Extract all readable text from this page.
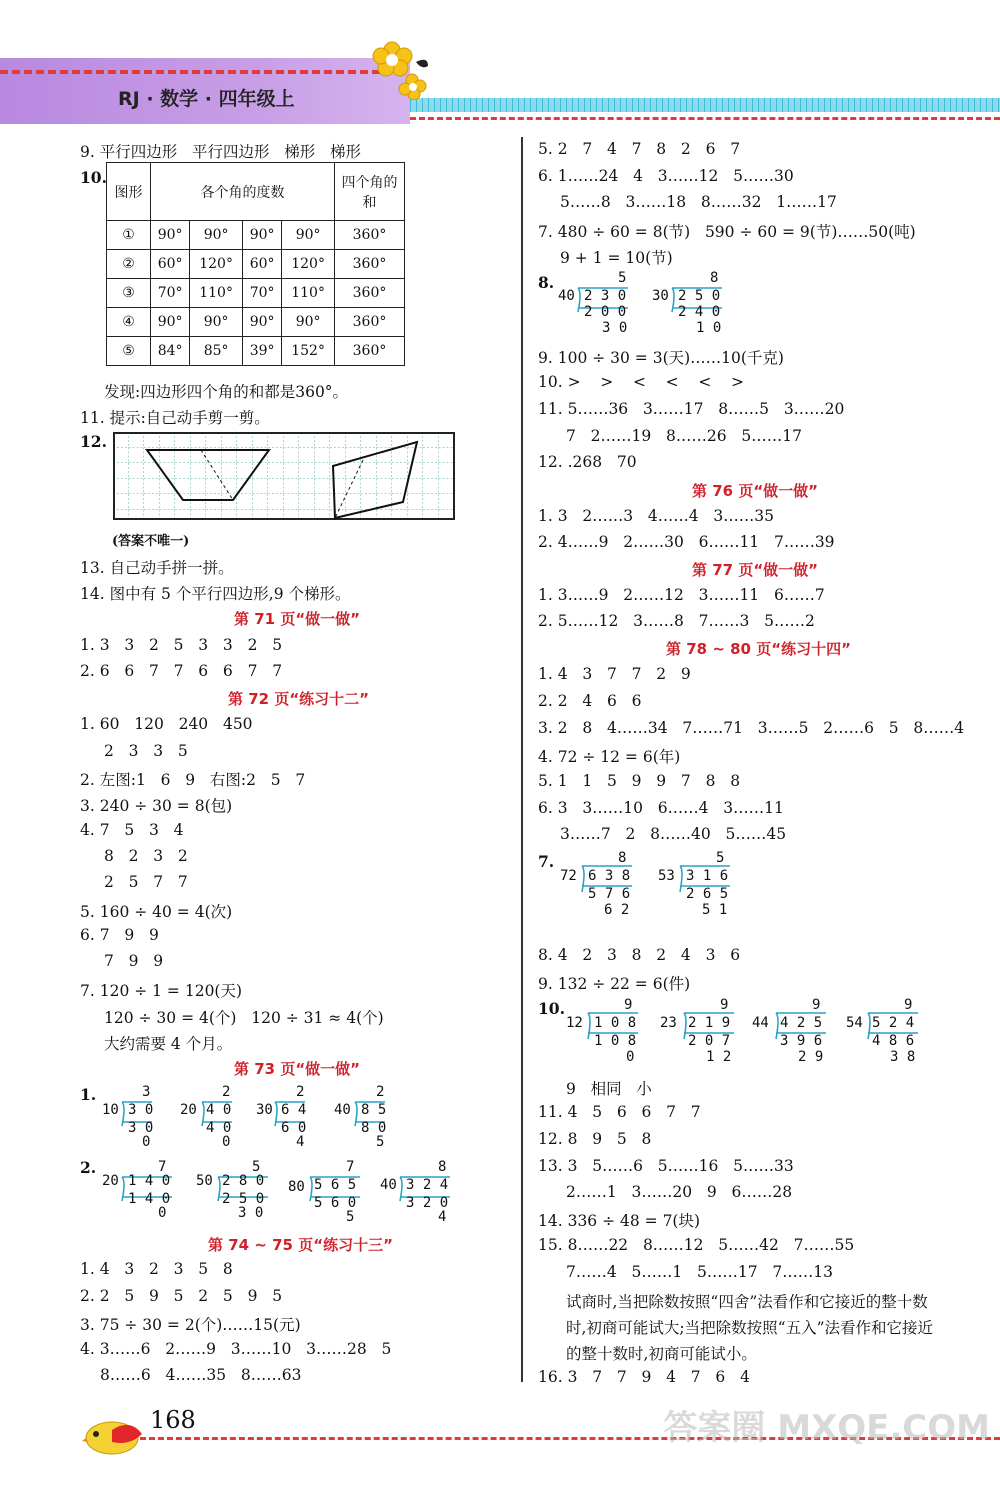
RJ · 数学 · 四年级上
9. 平行四边形   平行四边形   梯形   梯形
10.
图形	各个角的度数				四个角的和
①	90°	90°	90°	90°	360°
②	60°	120°	60°	120°	360°
③	70°	110°	70°	110°	360°
④	90°	90°	90°	90°	360°
⑤	84°	85°	39°	152°	360°
发现:四边形四个角的和都是360°。
11. 提示:自己动手剪一剪。
12.
(答案不唯一)
13. 自己动手拼一拼。
14. 图中有 5 个平行四边形,9 个梯形。
第 71 页“做一做”
1. 3   3   2   5   3   3   2   5
2. 6   6   7   7   6   6   7   7
第 72 页“练习十二”
1. 60   120   240   450
2   3   3   5
2. 左图:1   6   9   右图:2   5   7
3. 240 ÷ 30 = 8(包)
4. 7   5   3   4
8   2   3   2
2   5   7   7
5. 160 ÷ 40 = 4(次)
6. 7   9   9
7   9   9
7. 120 ÷ 1 = 120(天)
120 ÷ 30 = 4(个)   120 ÷ 31 ≈ 4(个)
大约需要 4 个月。
第 73 页“做一做”
1.	3
10 3 0
3 0
0
2
20 4 0
4 0
0
2
30 6 4
6 0
4
2
40 8 5
8 0
5
2.	7
20 1 4 0
1 4 0
0
5
50 2 8 0
2 5 0
3 0
7
80 5 6 5
5 6 0
5
8
40 3 2 4
3 2 0
4
第 74 ~ 75 页“练习十三”
1. 4   3   2   3   5   8
2. 2   5   9   5   2   5   9   5
3. 75 ÷ 30 = 2(个)……15(元)
4. 3……6   2……9   3……10   3……28   5
8……6   4……35   8……63
5. 2   7   4   7   8   2   6   7
6. 1……24   4   3……12   5……30
5……8   3……18   8……32   1……17
7. 480 ÷ 60 = 8(节)   590 ÷ 60 = 9(节)……50(吨)
9 + 1 = 10(节)
8.	5
40 2 3 0
2 0 0
3 0
8
30 2 5 0
2 4 0
1 0
9. 100 ÷ 30 = 3(天)……10(千克)
10. >    >    <    <    <    >
11. 5……36   3……17   8……5   3……20
7   2……19   8……26   5……17
12. .268   70
第 76 页“做一做”
1. 3   2……3   4……4   3……35
2. 4……9   2……30   6……11   7……39
第 77 页“做一做”
1. 3……9   2……12   3……11   6……7
2. 5……12   3……8   7……3   5……2
第 78 ~ 80 页“练习十四”
1. 4   3   7   7   2   9
2. 2   4   6   6
3. 2   8   4……34   7……71   3……5   2……6   5   8……4
4. 72 ÷ 12 = 6(年)
5. 1   1   5   9   9   7   8   8
6. 3   3……10   6……4   3……11
3……7   2   8……40   5……45
7.	8
72 6 3 8
5 7 6
6 2
5
53 3 1 6
2 6 5
5 1
8. 4   2   3   8   2   4   3   6
9. 132 ÷ 22 = 6(件)
10.	9
12 1 0 8
1 0 8
0
9
23 2 1 9
2 0 7
1 2
9
44 4 2 5
3 9 6
2 9
9
54 5 2 4
4 8 6
3 8
9   相同   小
11. 4   5   6   6   7   7
12. 8   9   5   8
13. 3   5……6   5……16   5……33
2……1   3……20   9   6……28
14. 336 ÷ 48 = 7(块)
15. 8……22   8……12   5……42   7……55
7……4   5……1   5……17   7……13
试商时,当把除数按照“四舍”法看作和它接近的整十数
时,初商可能试大;当把除数按照“五入”法看作和它接近
的整十数时,初商可能试小。
16. 3   7   7   9   4   7   6   4
168	答案圈 MXQE.COM
